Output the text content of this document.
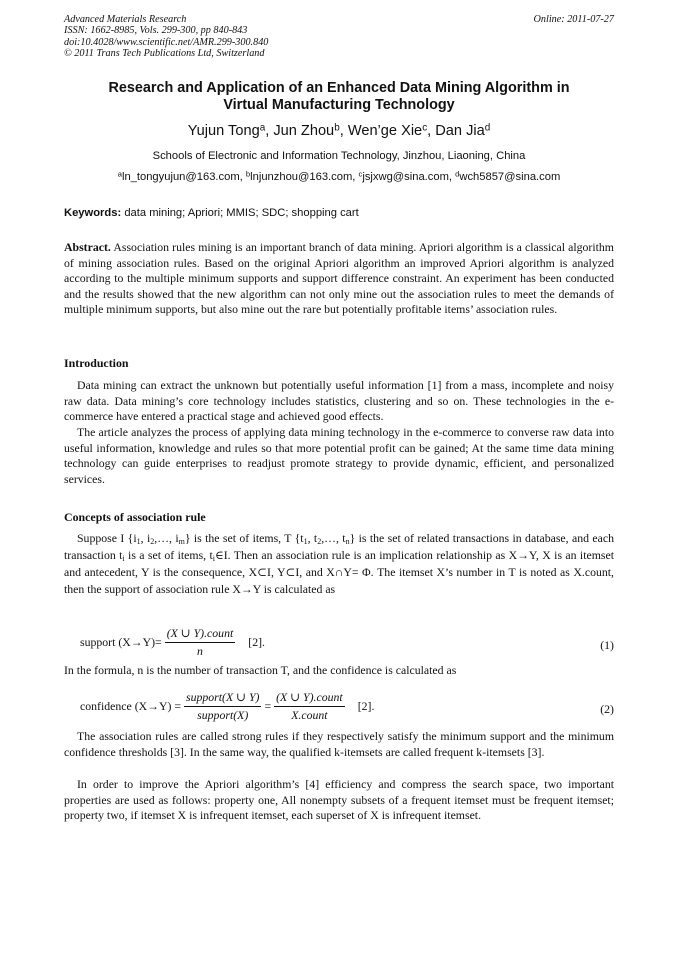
Advanced Materials Research
ISSN: 1662-8985, Vols. 299-300, pp 840-843
doi:10.4028/www.scientific.net/AMR.299-300.840
© 2011 Trans Tech Publications Ltd, Switzerland
Online: 2011-07-27
Research and Application of an Enhanced Data Mining Algorithm in
Virtual Manufacturing Technology
Yujun Tong$^a$, Jun Zhou$^b$, Wen’ge Xie$^c$, Dan Jia$^d$
Schools of Electronic and Information Technology, Jinzhou, Liaoning, China
$^a$ln_tongyujun@163.com, $^b$lnjunzhou@163.com, $^c$jsjxwg@sina.com, $^d$wch5857@sina.com
Keywords: data mining; Apriori; MMIS; SDC; shopping cart
Abstract. Association rules mining is an important branch of data mining. Apriori algorithm is a classical algorithm of mining association rules. Based on the original Apriori algorithm an improved Apriori algorithm is analyzed according to the multiple minimum supports and support difference constraint. An experiment has been conducted and the results showed that the new algorithm can not only mine out the association rules to meet the demands of multiple minimum supports, but also mine out the rare but potentially profitable items’ association rules.
Introduction
Data mining can extract the unknown but potentially useful information [1] from a mass, incomplete and noisy raw data. Data mining’s core technology includes statistics, clustering and so on. These technologies in the e-commerce have entered a practical stage and achieved good effects.
The article analyzes the process of applying data mining technology in the e-commerce to converse raw data into useful information, knowledge and rules so that more potential profit can be gained; At the same time data mining technology can guide enterprises to readjust promote strategy to provide dynamic, efficient, and personalized services.
Concepts of association rule
Suppose I {$i_1$, $i_2,\dots$, $i_m$} is the set of items, T {$t_1$, $t_2,\dots$, $t_n$} is the set of related transactions in database, and each transaction $t_i$ is a set of items, $t_i\in I$. Then an association rule is an implication relationship as X→Y, X is an itemset and antecedent, Y is the consequence, X⊂I, Y⊂I, and X∩Y= Φ. The itemset X’s number in T is noted as X.count, then the support of association rule X→Y is calculated as
support $(X\to Y)= \frac{\text{(X ∪ Y).count}}{n} [2]$.	(1)
In the formula, n is the number of transaction T, and the confidence is calculated as
confidence $(X\to Y) = \frac{\text{support(X ∪ Y)}}{\text{support(X)}} = \frac{\text{(X ∪ Y).count}}{\text{X.count}} [2]$.	(2)
The association rules are called strong rules if they respectively satisfy the minimum support and the minimum confidence thresholds [3]. In the same way, the qualified k-itemsets are called frequent k-itemsets [3].
In order to improve the Apriori algorithm’s [4] efficiency and compress the search space, two important properties are used as follows: property one, All nonempty subsets of a frequent itemset must be frequent itemset; property two, if itemset X is infrequent itemset, each superset of X is infrequent itemset.
